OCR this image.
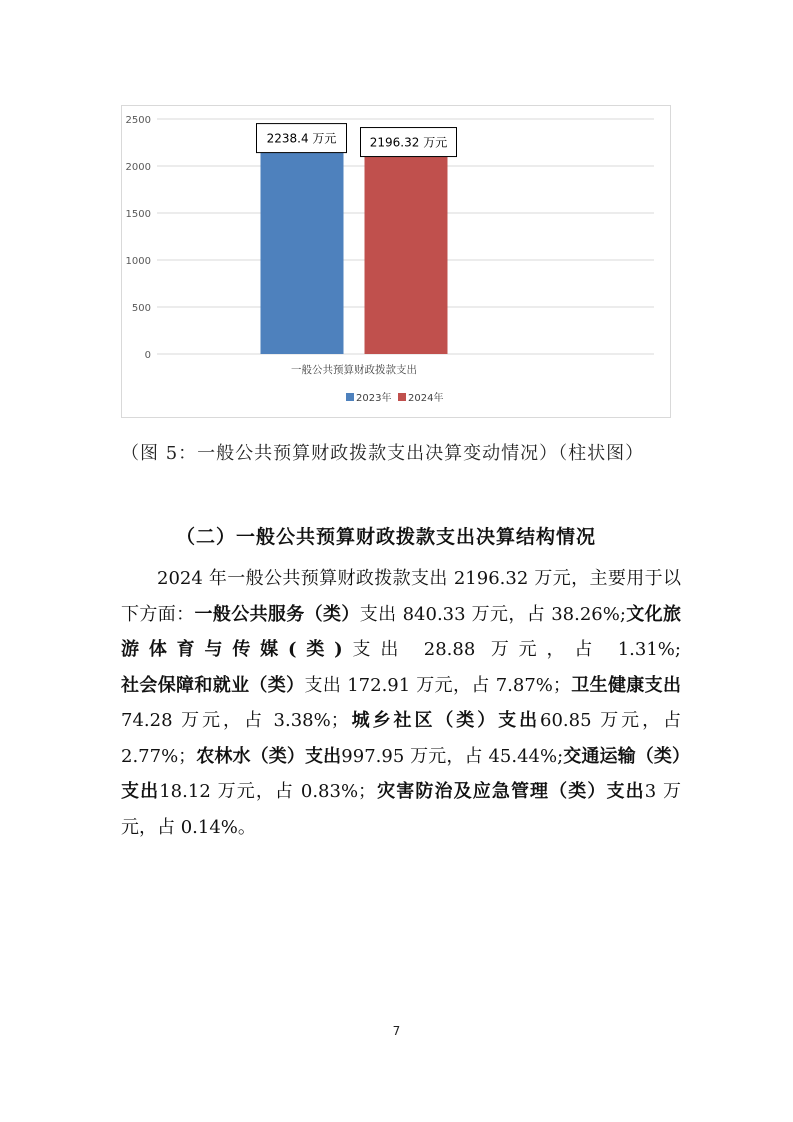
0
500
1000
1500
2000
2500
2238.4 万元	2196.32 万元
一般公共预算财政拨款支出
2023年 2024年
（图 5：一般公共预算财政拨款支出决算变动情况）（柱状图）
（二）一般公共预算财政拨款支出决算结构情况
2024 年一般公共预算财政拨款支出 2196.32 万元，主要用于以下方面：一般公共服务（类）支出 840.33 万元，占 38.26%;文化旅游体育与传媒(类)支出 28.88 万元，占 1.31%;社会保障和就业（类）支出 172.91 万元，占 7.87%；卫生健康支出74.28 万元，占 3.38%；城乡社区（类）支出60.85 万元，占 2.77%；农林水（类）支出997.95 万元，占 45.44%;交通运输（类）支出18.12 万元，占 0.83%；灾害防治及应急管理（类）支出3 万元，占 0.14%。
7
